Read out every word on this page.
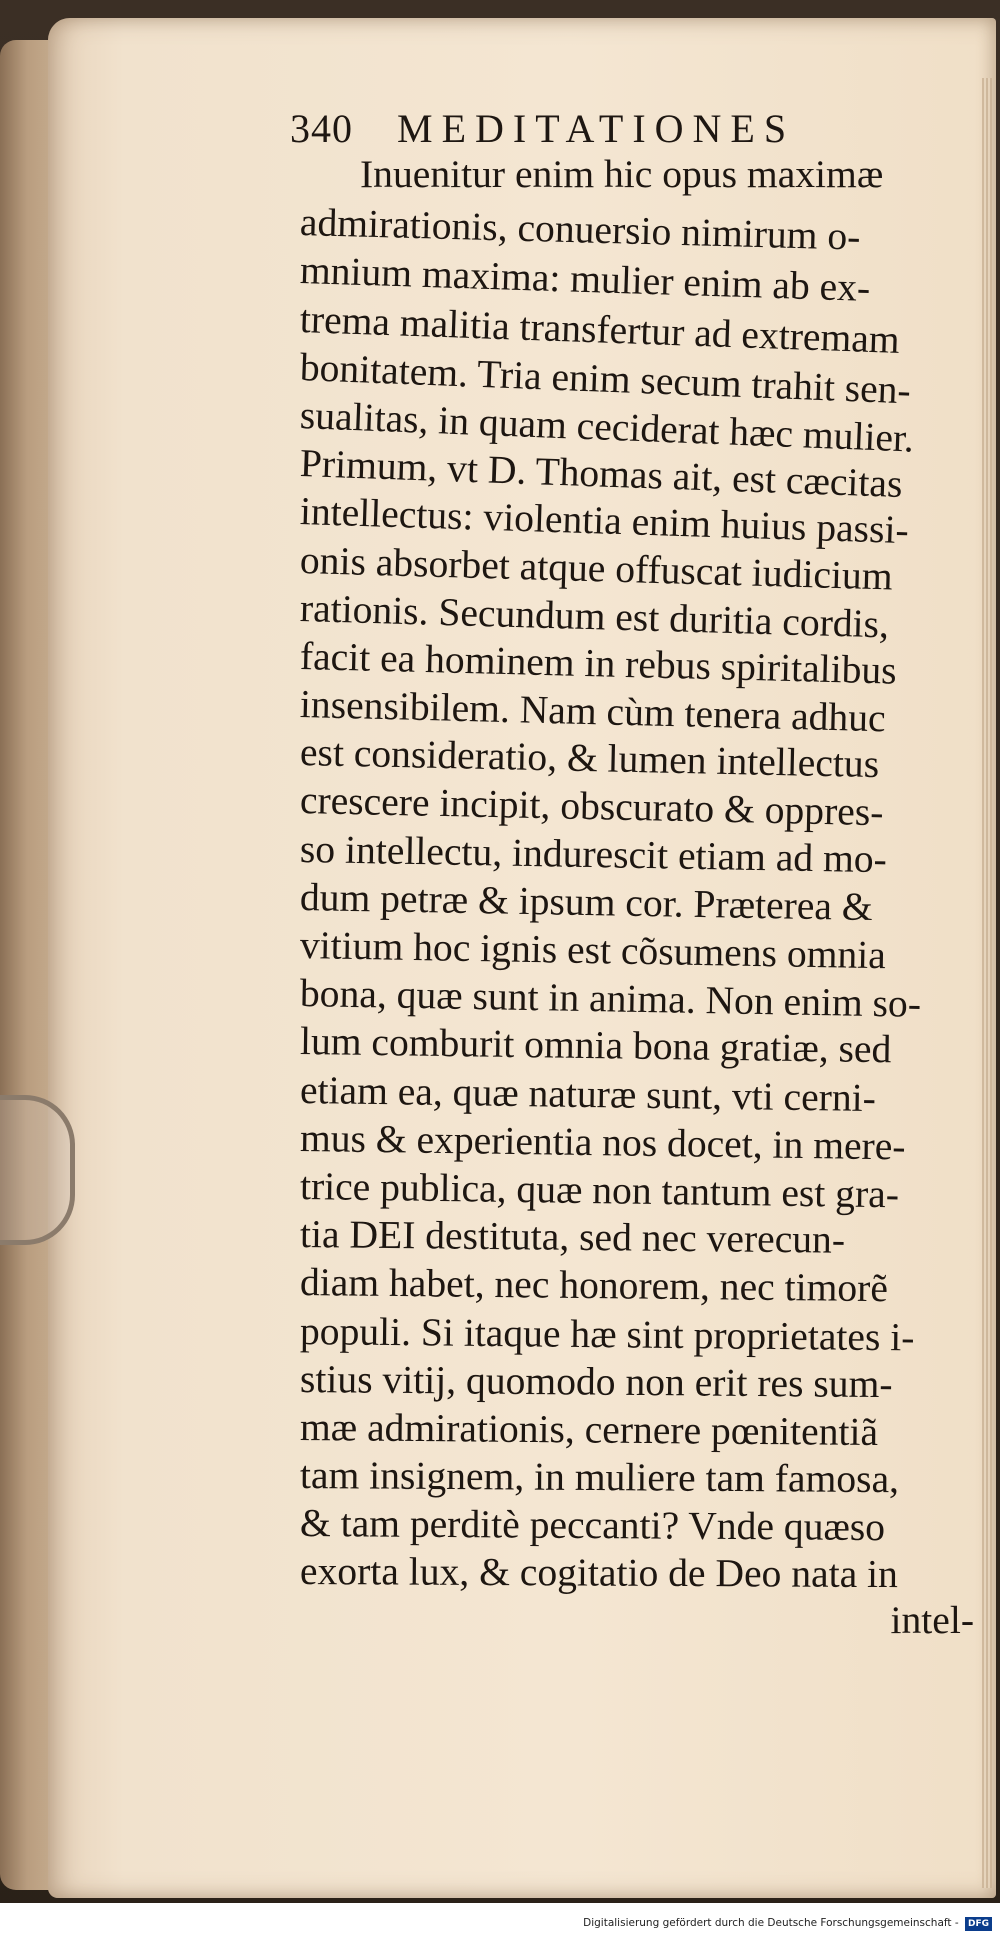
340 MEDITATIONES
Inuenitur enim hic opus maximæ
admirationis, conuersio nimirum o-
mnium maxima: mulier enim ab ex-
trema malitia transfertur ad extremam
bonitatem. Tria enim secum trahit sen-
sualitas, in quam ceciderat hæc mulier.
Primum, vt D. Thomas ait, est cæcitas
intellectus: violentia enim huius passi-
onis absorbet atque offuscat iudicium
rationis. Secundum est duritia cordis,
facit ea hominem in rebus spiritalibus
insensibilem. Nam cùm tenera adhuc
est consideratio, & lumen intellectus
crescere incipit, obscurato & oppres-
so intellectu, indurescit etiam ad mo-
dum petræ & ipsum cor. Præterea &
vitium hoc ignis est cõsumens omnia
bona, quæ sunt in anima. Non enim so-
lum comburit omnia bona gratiæ, sed
etiam ea, quæ naturæ sunt, vti cerni-
mus & experientia nos docet, in mere-
trice publica, quæ non tantum est gra-
tia DEI destituta, sed nec verecun-
diam habet, nec honorem, nec timorẽ
populi. Si itaque hæ sint proprietates i-
stius vitij, quomodo non erit res sum-
mæ admirationis, cernere pœnitentiã
tam insignem, in muliere tam famosa,
& tam perditè peccanti? Vnde quæso
exorta lux, & cogitatio de Deo nata in
intel-
Digitalisierung gefördert durch die Deutsche Forschungsgemeinschaft - DFG
